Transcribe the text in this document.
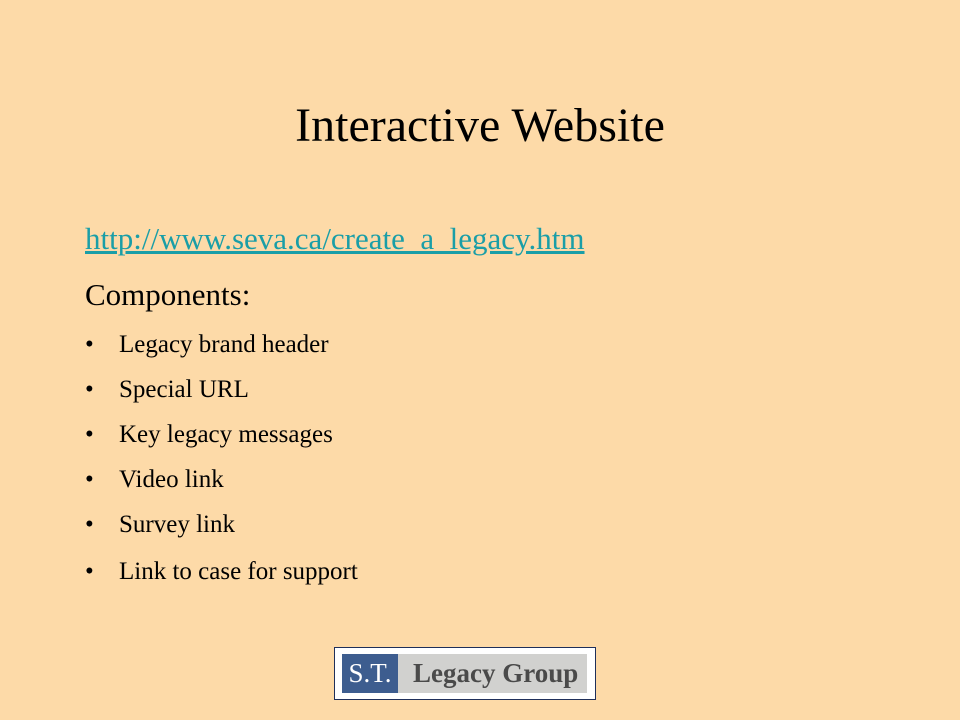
Interactive Website
http://www.seva.ca/create_a_legacy.htm
Components:
•	Legacy brand header
•	Special URL
•	Key legacy messages
•	Video link
•	Survey link
•	Link to case for support
S.T. Legacy Group
